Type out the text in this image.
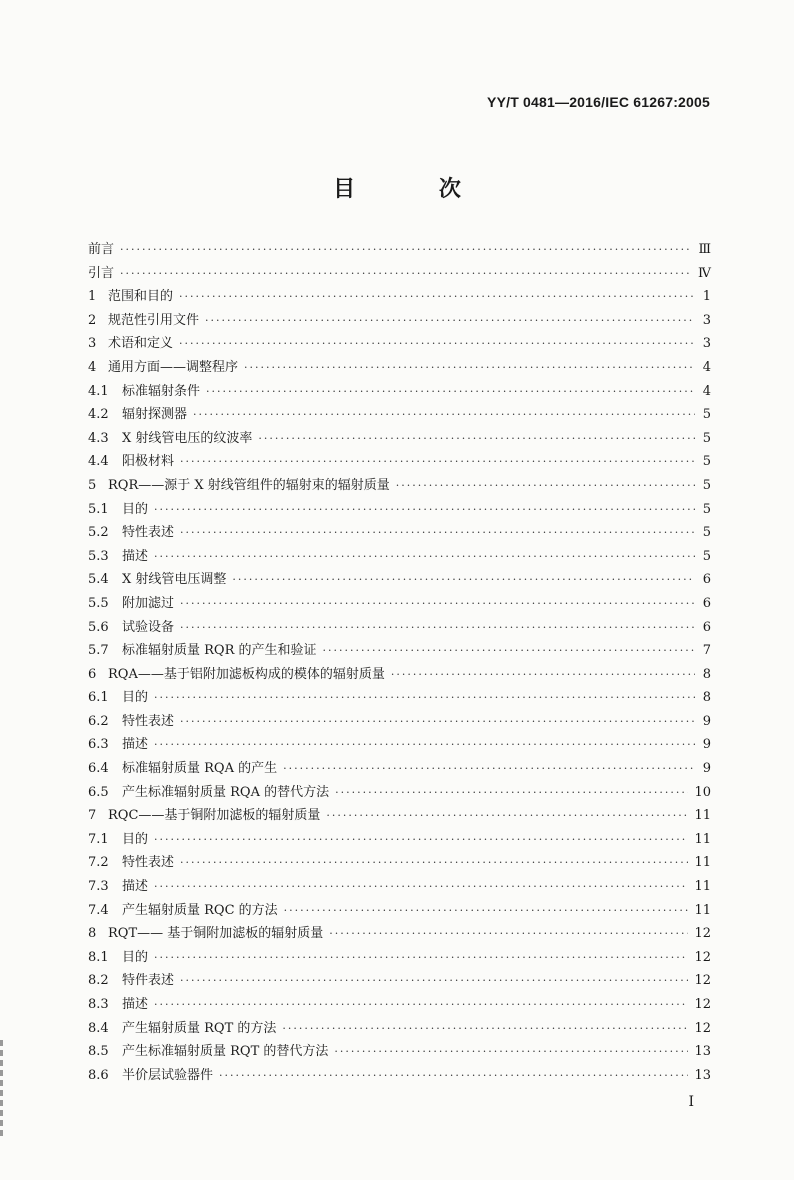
YY/T 0481—2016/IEC 61267:2005
目 次
前言 ·····	Ⅲ
引言 ·····	Ⅳ
1 范围和目的 ·····	1
2 规范性引用文件 ·····	3
3 术语和定义 ·····	3
4 通用方面——调整程序 ·····	4
4.1	标准辐射条件 ·····	4
4.2	辐射探测器 ·····	5
4.3	X 射线管电压的纹波率 ·····	5
4.4	阳极材料 ·····	5
5 RQR——源于 X 射线管组件的辐射束的辐射质量 ·····	5
5.1	目的 ·····	5
5.2	特性表述 ·····	5
5.3	描述 ·····	5
5.4	X 射线管电压调整 ·····	6
5.5	附加滤过 ·····	6
5.6	试验设备 ·····	6
5.7	标准辐射质量 RQR 的产生和验证 ·····	7
6 RQA——基于铝附加滤板构成的模体的辐射质量 ·····	8
6.1	目的 ·····	8
6.2	特性表述 ·····	9
6.3	描述 ·····	9
6.4	标准辐射质量 RQA 的产生 ·····	9
6.5	产生标准辐射质量 RQA 的替代方法 ·····	10
7 RQC——基于铜附加滤板的辐射质量 ·····	11
7.1	目的 ·····	11
7.2	特性表述 ·····	11
7.3	描述 ·····	11
7.4	产生辐射质量 RQC 的方法 ·····	11
8 RQT—— 基于铜附加滤板的辐射质量 ·····	12
8.1	目的 ·····	12
8.2	特件表述 ·····	12
8.3	描述 ·····	12
8.4	产生辐射质量 RQT 的方法 ·····	12
8.5	产生标准辐射质量 RQT 的替代方法 ·····	13
8.6	半价层试验器件 ·····	13
I
